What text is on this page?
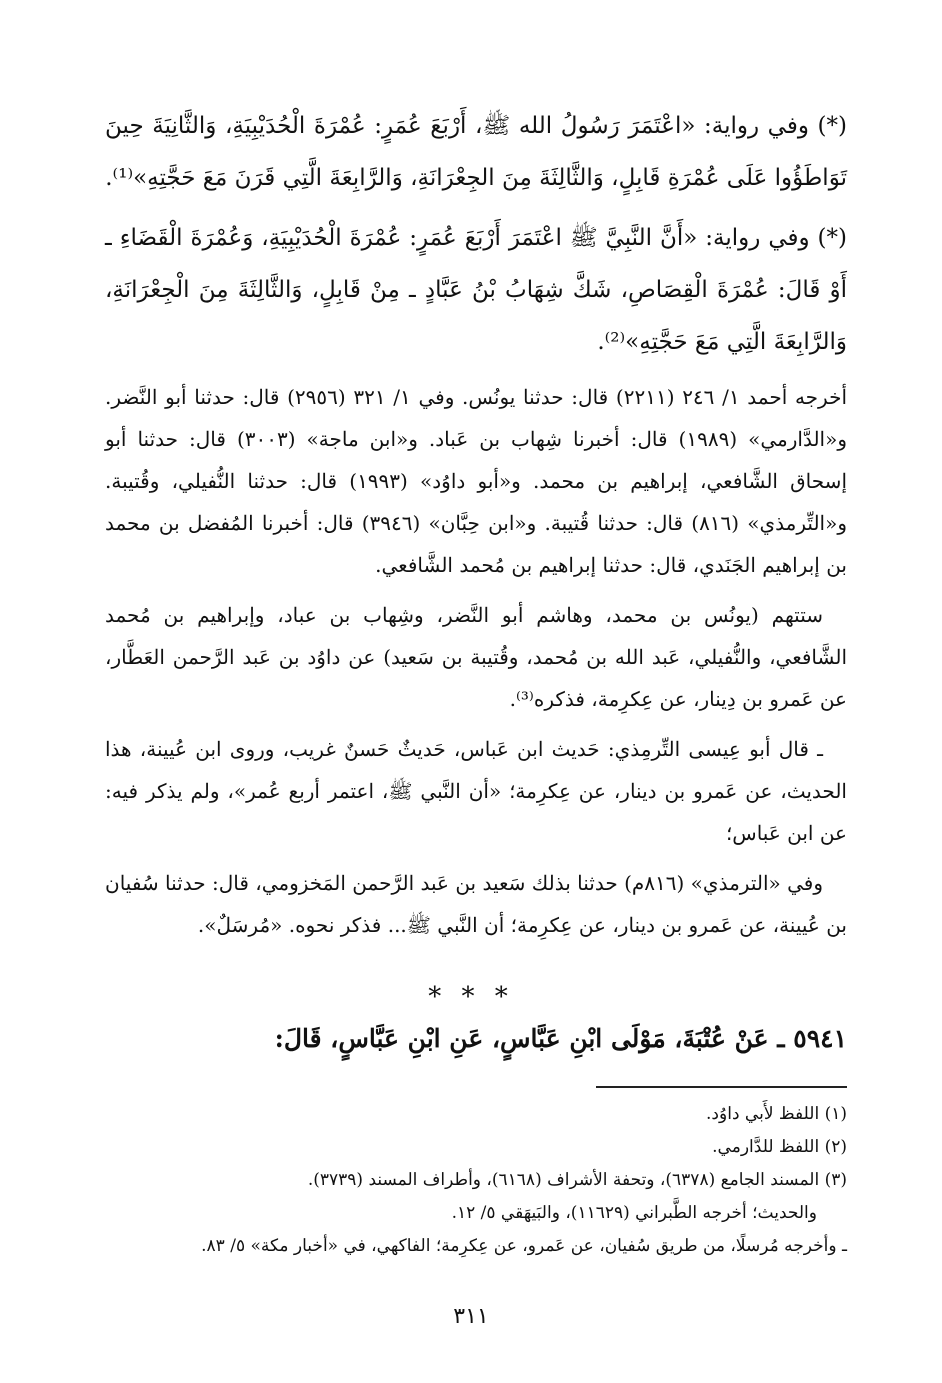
(*) وفي رواية: «اعْتَمَرَ رَسُولُ الله ﷺ، أَرْبَعَ عُمَرٍ: عُمْرَةَ الْحُدَيْبِيَةِ، وَالثَّانِيَةَ حِينَ تَوَاطَؤُوا عَلَى عُمْرَةِ قَابِلٍ، وَالثَّالِثَةَ مِنَ الجِعْرَانَةِ، وَالرَّابِعَةَ الَّتِي قَرَنَ مَعَ حَجَّتِهِ»⁽¹⁾.

(*) وفي رواية: «أَنَّ النَّبِيَّ ﷺ اعْتَمَرَ أَرْبَعَ عُمَرٍ: عُمْرَةَ الْحُدَيْبِيَةِ، وَعُمْرَةَ الْقَضَاءِ ـ أَوْ قَالَ: عُمْرَةَ الْقِصَاصِ، شَكَّ شِهَابُ بْنُ عَبَّادٍ ـ مِنْ قَابِلٍ، وَالثَّالِثَةَ مِنَ الْجِعْرَانَةِ، وَالرَّابِعَةَ الَّتِي مَعَ حَجَّتِهِ»⁽²⁾.

أخرجه أحمد ١/ ٢٤٦ (٢٢١١) قال: حدثنا يونُس. وفي ١/ ٣٢١ (٢٩٥٦) قال: حدثنا أبو النَّضر. و«الدَّارمي» (١٩٨٩) قال: أخبرنا شِهاب بن عَباد. و«ابن ماجة» (٣٠٠٣) قال: حدثنا أبو إسحاق الشَّافعي، إبراهيم بن محمد. و«أبو داوُد» (١٩٩٣) قال: حدثنا النُّفيلي، وقُتيبة. و«التِّرمذي» (٨١٦) قال: حدثنا قُتيبة. و«ابن حِبَّان» (٣٩٤٦) قال: أخبرنا المُفضل بن محمد بن إبراهيم الجَنَدي، قال: حدثنا إبراهيم بن مُحمد الشَّافعي.

ستتهم (يونُس بن محمد، وهاشم أبو النَّضر، وشِهاب بن عباد، وإبراهيم بن مُحمد الشَّافعي، والنُّفيلي، عَبد الله بن مُحمد، وقُتيبة بن سَعيد) عن داوُد بن عَبد الرَّحمن العَطَّار، عن عَمرو بن دِينار، عن عِكرِمة، فذكره⁽³⁾.

ـ قال أبو عِيسى التِّرمِذي: حَديث ابن عَباس، حَديثٌ حَسنٌ غريب، وروى ابن عُيينة، هذا الحديث، عن عَمرو بن دينار، عن عِكرِمة؛ «أن النَّبي ﷺ، اعتمر أربع عُمر»، ولم يذكر فيه: عن ابن عَباس؛

وفي «الترمذي» (٨١٦م) حدثنا بذلك سَعيد بن عَبد الرَّحمن المَخزومي، قال: حدثنا سُفيان بن عُيينة، عن عَمرو بن دينار، عن عِكرِمة؛ أن النَّبي ﷺ... فذكر نحوه. «مُرسَلٌ».

* * *
٥٩٤١ ـ عَنْ عُتْبَةَ، مَوْلَى ابْنِ عَبَّاسٍ، عَنِ ابْنِ عَبَّاسٍ، قَالَ:

(١) اللفظ لأَبي داوُد.

(٢) اللفظ للدَّارمي.

(٣) المسند الجامع (٦٣٧٨)، وتحفة الأشراف (٦١٦٨)، وأطراف المسند (٣٧٣٩).

والحديث؛ أخرجه الطَّبراني (١١٦٢٩)، والبَيهَقي ٥/ ١٢.

ـ وأخرجه مُرسلًا، من طريق سُفيان، عن عَمرو، عن عِكرِمة؛ الفاكهي، في «أخبار مكة» ٥/ ٨٣.

٣١١
